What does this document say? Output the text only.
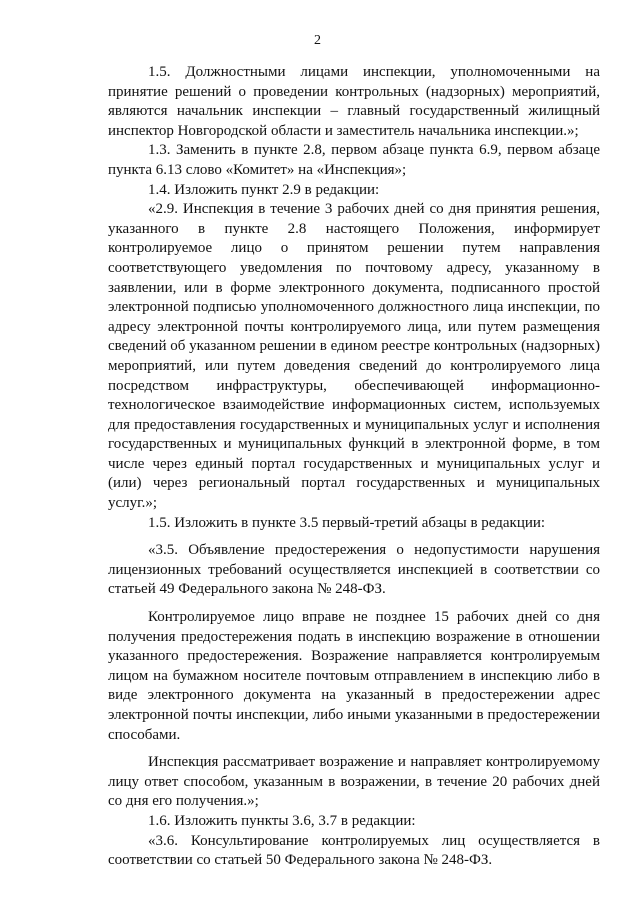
2

1.5. Должностными лицами инспекции, уполномоченными на принятие решений о проведении контрольных (надзорных) мероприятий, являются начальник инспекции – главный государственный жилищный инспектор Новгородской области и заместитель начальника инспекции.»;

1.3. Заменить в пункте 2.8, первом абзаце пункта 6.9, первом абзаце пункта 6.13 слово «Комитет» на «Инспекция»;

1.4. Изложить пункт 2.9 в редакции:

«2.9. Инспекция в течение 3 рабочих дней со дня принятия решения, указанного в пункте 2.8 настоящего Положения, информирует контролируемое лицо о принятом решении путем направления соответствующего уведомления по почтовому адресу, указанному в заявлении, или в форме электронного документа, подписанного простой электронной подписью уполномоченного должностного лица инспекции, по адресу электронной почты контролируемого лица, или путем размещения сведений об указанном решении в едином реестре контрольных (надзорных) мероприятий, или путем доведения сведений до контролируемого лица посредством инфраструктуры, обеспечивающей информационно-технологическое взаимодействие информационных систем, используемых для предоставления государственных и муниципальных услуг и исполнения государственных и муниципальных функций в электронной форме, в том числе через единый портал государственных и муниципальных услуг и (или) через региональный портал государственных и муниципальных услуг.»;

1.5. Изложить в пункте 3.5 первый-третий абзацы в редакции:

«3.5. Объявление предостережения о недопустимости нарушения лицензионных требований осуществляется инспекцией в соответствии со статьей 49 Федерального закона № 248-ФЗ.

Контролируемое лицо вправе не позднее 15 рабочих дней со дня получения предостережения подать в инспекцию возражение в отношении указанного предостережения. Возражение направляется контролируемым лицом на бумажном носителе почтовым отправлением в инспекцию либо в виде электронного документа на указанный в предостережении адрес электронной почты инспекции, либо иными указанными в предостережении способами.

Инспекция рассматривает возражение и направляет контролируемому лицу ответ способом, указанным в возражении, в течение 20 рабочих дней со дня его получения.»;

1.6. Изложить пункты 3.6, 3.7 в редакции:

«3.6. Консультирование контролируемых лиц осуществляется в соответствии со статьей 50 Федерального закона № 248-ФЗ.
